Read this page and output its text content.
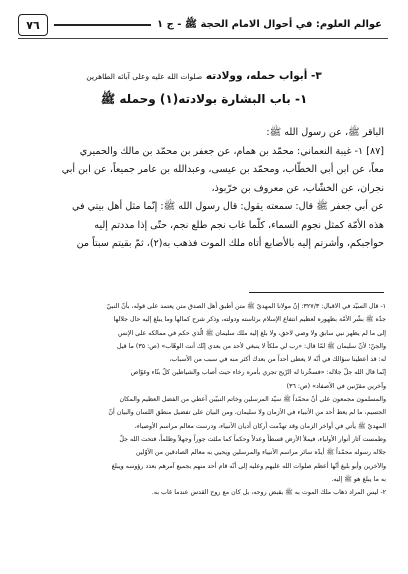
عوالم العلوم: في أحوال الامام الحجة ﷺ - ج ١
٧٦
٣- أبواب حمله، وولادته صلوات الله عليه وعلى آبائه الطاهرين
١- باب البشارة بولادته(١) وحمله ﷺ
الباقر ﷺ، عن رسول الله ﷺ:
[٨٧] ١- غيبة النعماني: محمّد بن همام، عن جعفر بن محمّد بن مالك والحميري
معاً، عن ابن أبي الخطّاب، ومحمّد بن عيسى، وعبدالله بن عامر جميعاً، عن ابن أبي
نجران، عن الخشّاب، عن معروف بن خرّبوذ،
عن أبي جعفر ﷺ قال: سمعته يقول: قال رسول الله ﷺ: إنّما مثل أهل بيتي في
هذه الأمّة كمثل نجوم السماء، كلّما غاب نجم طلع نجم، حتّى إذا مددتم إليه
حواجبكم، وأشرتم إليه بالأصابع أتاه ملك الموت فذهب به(٢)، ثمّ بقيتم سبتاً من
١- قال السيّد في الاقبال: ٣٢٧/٣: إنّ مولانا المهديّ ﷺ متن أطبق أهل الصدق متن يعتمد على قوله، بأنّ النبيّ
جدّه ﷺ بشّر الأمّة بظهوره لعظيم انتفاع الإسلام برئاسته ودولته، وذكر شرح كمالها وما يبلغ إليه حال جلالها
إلى ما لم يظهر نبي سابق ولا وصي لاحق، ولا بلغ إليه ملك سليمان ﷺ الّذي حكم في ممالكه على الإنس
والجنّ؛ لأنّ سليمان ﷺ لمّا قال: «رب لي ملكاً لا ينبغي لأحد من بعدي إنّك أنت الوهّاب» (ص: ٣٥) ما قيل
له: قد أعطينا سؤالك في أنّه لا يعطى أحداً من بعدك أكثر منه في سبب من الأسباب،
إنّما قال الله جلّ جلاله: «فسخّرنا له الرّيح تجري بأمره رخاء حيث أصاب والشياطين كلّ بنّاء وغوّاص
وآخرين مقرّنين في الأصفاد» (ص: ٣٦)
والمسلمون مجمعون على أنّ محمّداً ﷺ سيّد المرسلين وخاتم النبيّين أعطي من الفضل العظيم والمكان
الجسيم، ما لم يعط أحد من الأنبياء في الأزمان ولا سليمان، ومن البيان على تفضيل منطق اللسان والبيان أنّ
المهديّ ﷺ يأتي في أواخر الزمان وقد تهدّمت أركان أديان الأنبياء، ودرست معالم مراسم الأوصياء،
وطمست آثار أنوار الأولياء، فيملأ الأرض قسطاً وعدلاً وحكماً كما ملئت جوراً وجهلاً وظلماً، فتحت الله جلّ
جلاله رسوله محمّداً ﷺ أيدّه سائر مراسم الأنبياء والمرسلين ويحيي به معالم الصادقين من الأوّلين
والآخرين وأبو بليغ أنّها أعظم صلوات الله عليهم وعليه إلى أنّه قام أحد منهم بجميع آمرهم بعدد رؤوسه ويبلغ
به ما يبلغ هو ﷺ إليه.
٢- ليس المراد ذهاب ملك الموت به ﷺ بقبض روحه، بل كان مع روح القدس عندما غاب به.
